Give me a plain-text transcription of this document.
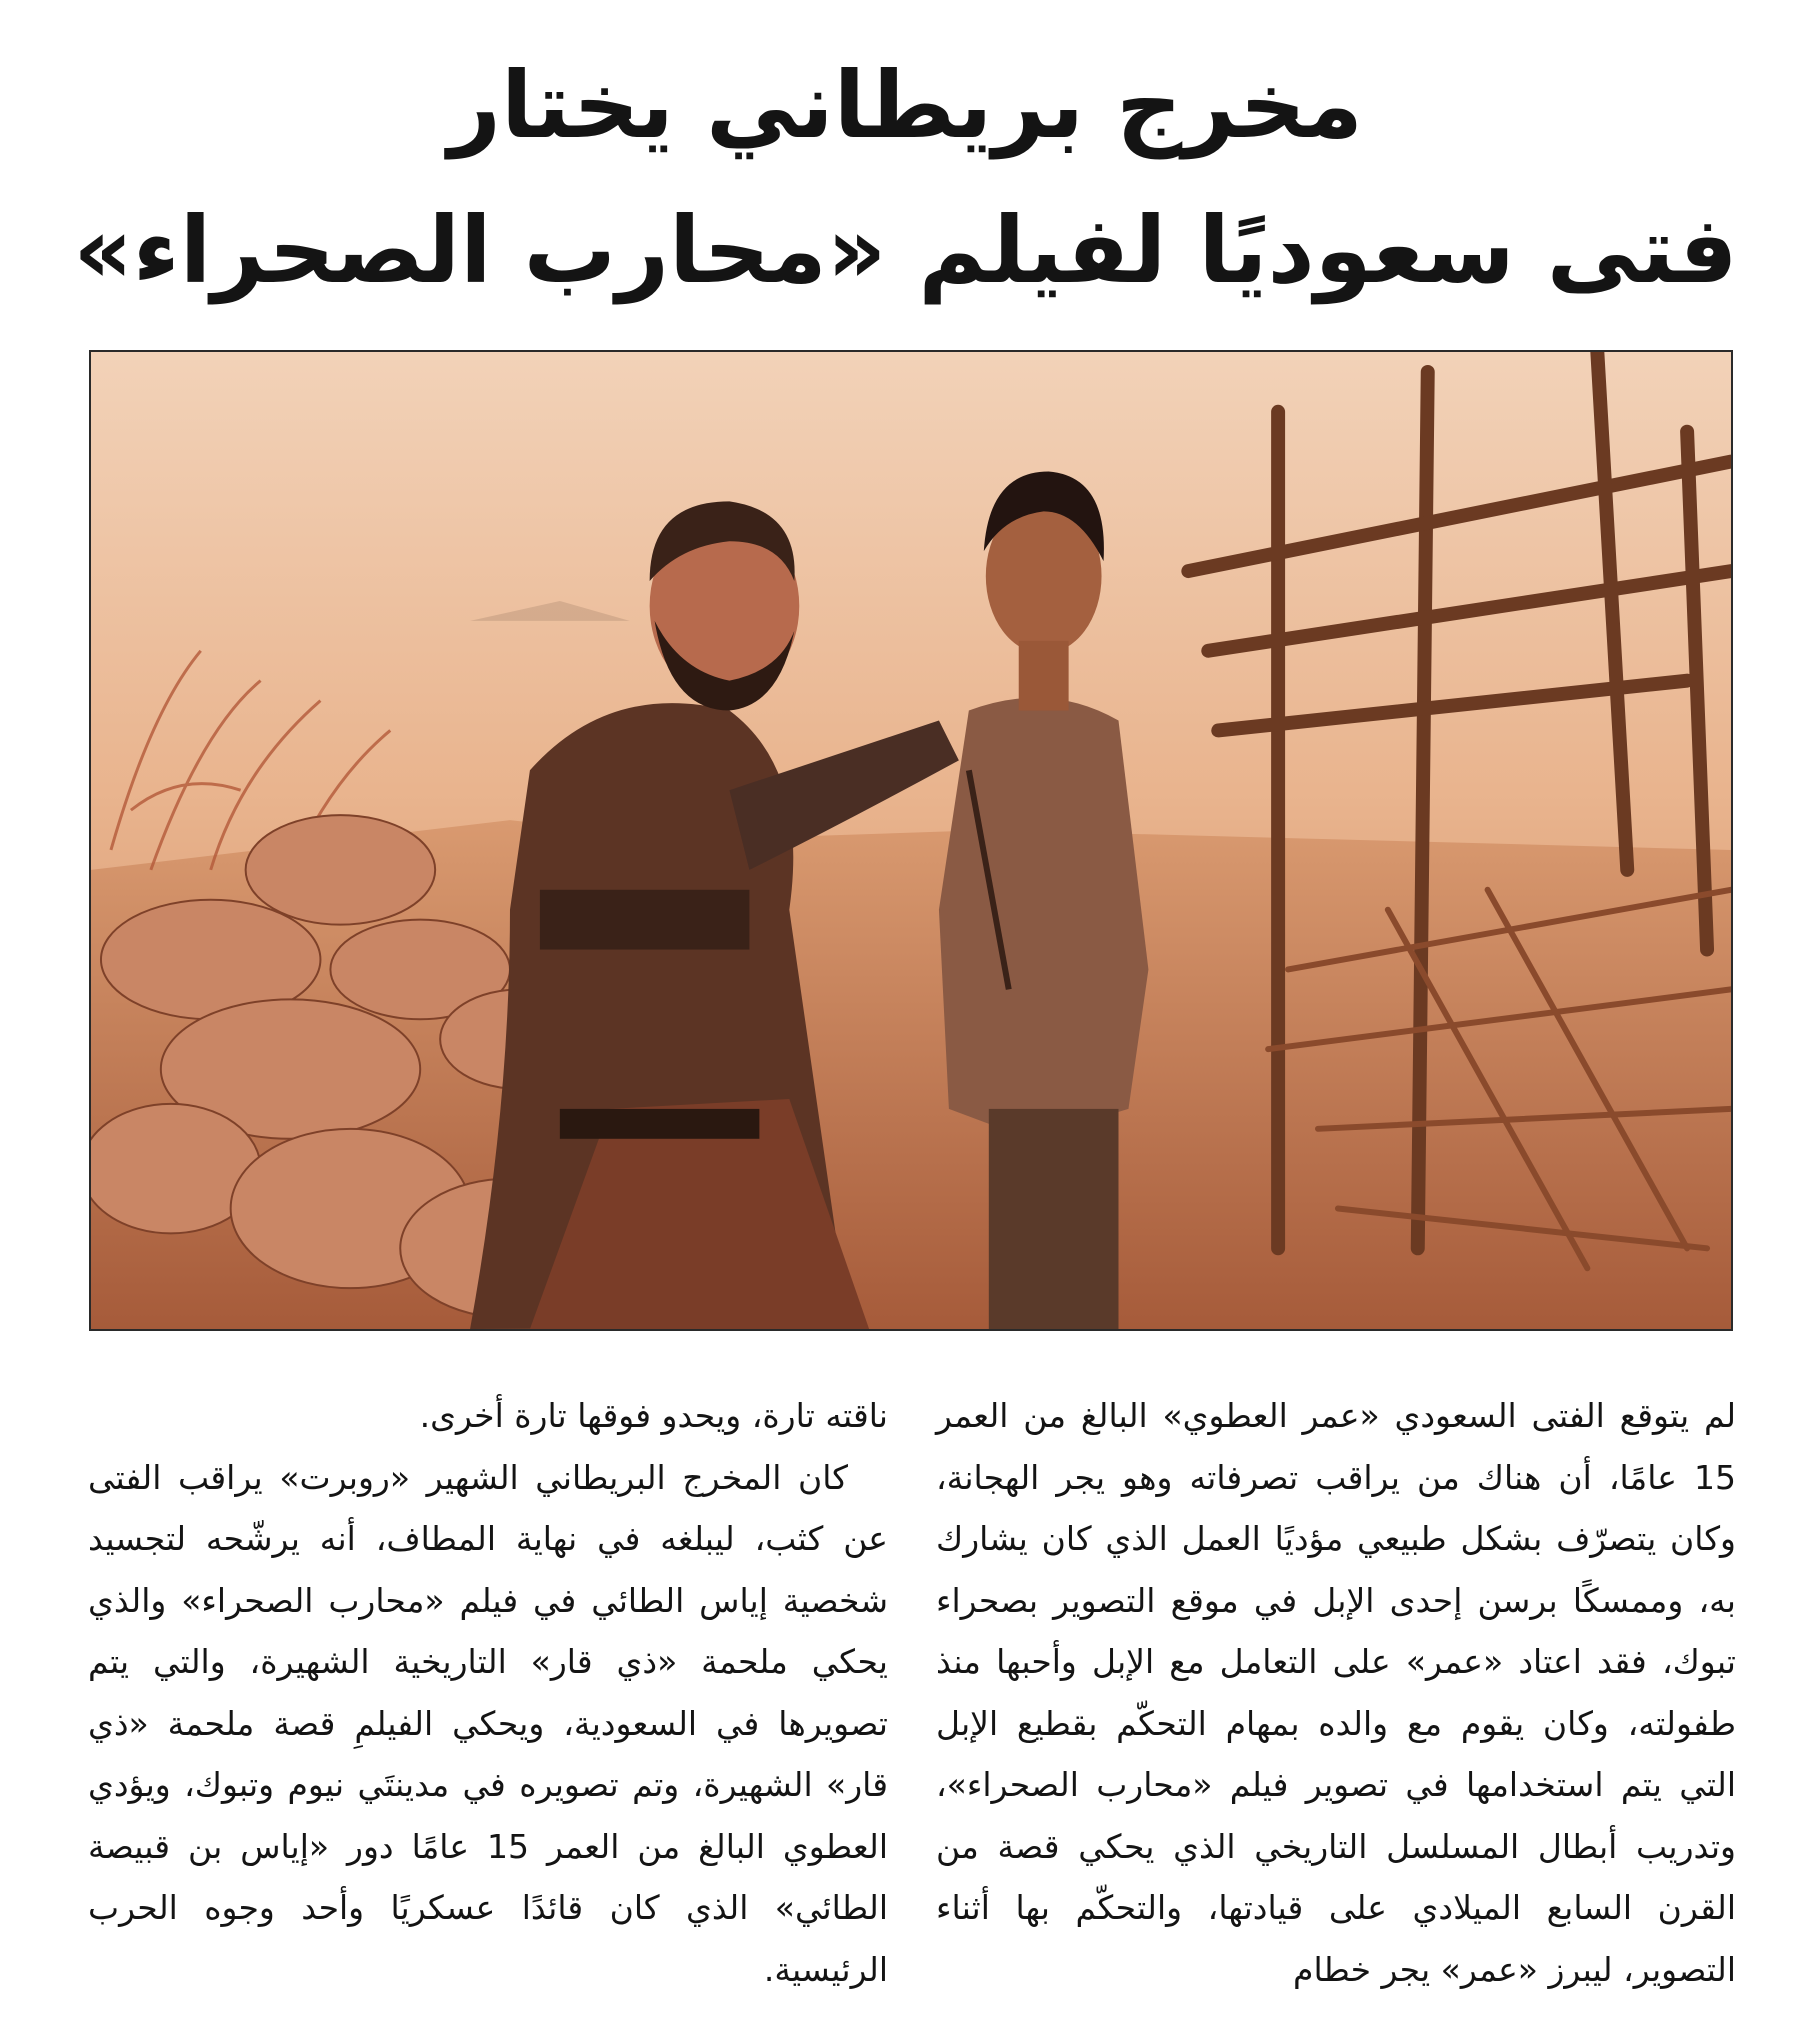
مخرج بريطاني يختار
فتى سعوديًا لفيلم «محارب الصحراء»

لم يتوقع الفتى السعودي «عمر العطوي» البالغ من العمر 15 عامًا، أن هناك من يراقب تصرفاته وهو يجر الهجانة، وكان يتصرّف بشكل طبيعي مؤديًا العمل الذي كان يشارك به، وممسكًا برسن إحدى الإبل في موقع التصوير بصحراء تبوك، فقد اعتاد «عمر» على التعامل مع الإبل وأحبها منذ طفولته، وكان يقوم مع والده بمهام التحكّم بقطيع الإبل التي يتم استخدامها في تصوير فيلم «محارب الصحراء»، وتدريب أبطال المسلسل التاريخي الذي يحكي قصة من القرن السابع الميلادي على قيادتها، والتحكّم بها أثناء التصوير، ليبرز «عمر» يجر خطام

ناقته تارة، ويحدو فوقها تارة أخرى.

كان المخرج البريطاني الشهير «روبرت» يراقب الفتى عن كثب، ليبلغه في نهاية المطاف، أنه يرشّحه لتجسيد شخصية إياس الطائي في فيلم «محارب الصحراء» والذي يحكي ملحمة «ذي قار» التاريخية الشهيرة، والتي يتم تصويرها في السعودية، ويحكي الفيلمِ قصة ملحمة «ذي قار» الشهيرة، وتم تصويره في مدينتَي نيوم وتبوك، ويؤدي العطوي البالغ من العمر 15 عامًا دور «إياس بن قبيصة الطائي» الذي كان قائدًا عسكريًا وأحد وجوه الحرب الرئيسية.
